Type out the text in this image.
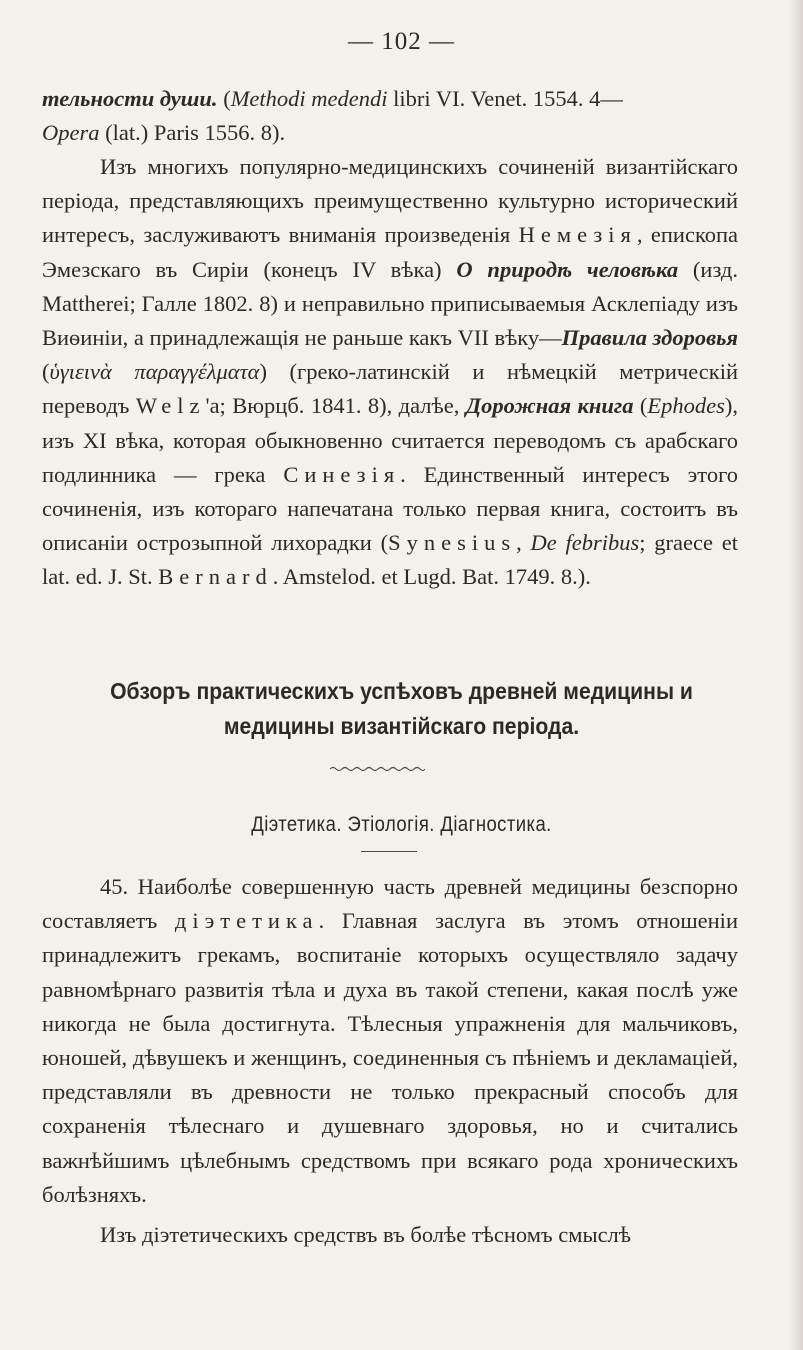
— 102 —

тельности души. (Methodi medendi libri VI. Venet. 1554. 4—
Opera (lat.) Paris 1556. 8).

Изъ многихъ популярно-медицинскихъ сочиненій византійскаго періода, представляющихъ преимущественно культурно исторический интересъ, заслуживаютъ вниманія произведенія Немезія, епископа Эмезскаго въ Сиріи (конецъ IV вѣка) О природѣ человѣка (изд. Mattherei; Галле 1802. 8) и неправильно приписываемыя Асклепіаду изъ Виѳиніи, а принадлежащія не раньше какъ VII вѣку—Правила здоровья (ὑγιεινὰ παραγγέλματα) (греко-латинскій и нѣмецкій метрическій переводъ Welz'а; Вюрцб. 1841. 8), далѣе, Дорожная книга (Ephodes), изъ XI вѣка, которая обыкновенно считается переводомъ съ арабскаго подлинника — грека Синезія. Единственный интересъ этого сочиненія, изъ котораго напечатана только первая книга, состоитъ въ описаніи острозыпной лихорадки (Synesius, De febribus; graece et lat. ed. J. St. Bernard. Amstelod. et Lugd. Bat. 1749. 8.).

Обзоръ практическихъ успѣховъ древней медицины и
медицины византійскаго періода.
Діэтетика. Этіологія. Діагностика.

45. Наиболѣе совершенную часть древней медицины безспорно составляетъ діэтетика. Главная заслуга въ этомъ отношеніи принадлежитъ грекамъ, воспитаніе которыхъ осуществляло задачу равномѣрнаго развитія тѣла и духа въ такой степени, какая послѣ уже никогда не была достигнута. Тѣлесныя упражненія для мальчиковъ, юношей, дѣвушекъ и женщинъ, соединенныя съ пѣніемъ и декламаціей, представляли въ древности не только прекрасный способъ для сохраненія тѣлеснаго и душевнаго здоровья, но и считались важнѣйшимъ цѣлебнымъ средствомъ при всякаго рода хроническихъ болѣзняхъ.

Изъ діэтетическихъ средствъ въ болѣе тѣсномъ смыслѣ
